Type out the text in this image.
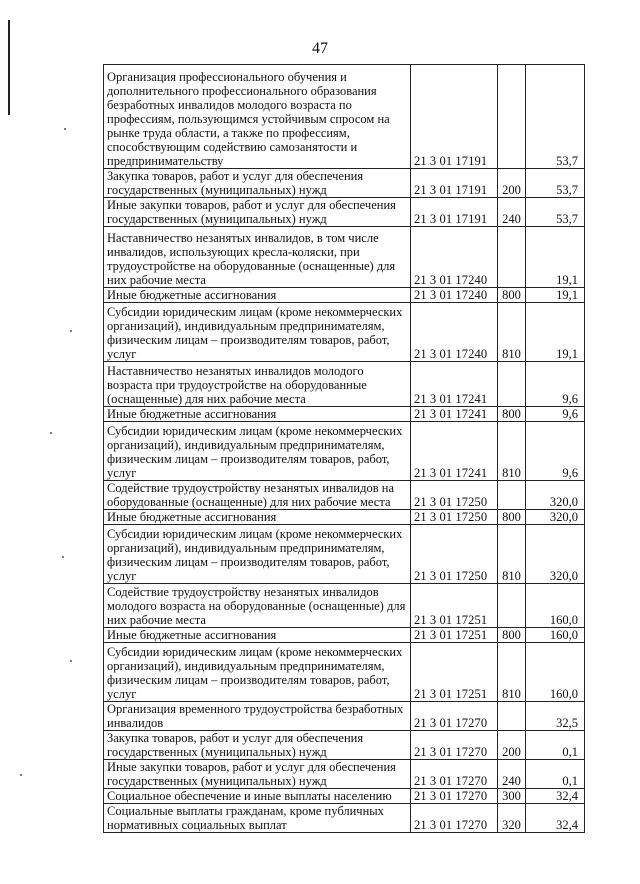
47
Организация профессионального обучения и дополнительного профессионального образования безработных инвалидов молодого возраста по профессиям, пользующимся устойчивым спросом на рынке труда области, а также по профессиям, способствующим содействию самозанятости и предпринимательству	21 3 01 17191		53,7
Закупка товаров, работ и услуг для обеспечения государственных (муниципальных) нужд	21 3 01 17191	200	53,7
Иные закупки товаров, работ и услуг для обеспечения государственных (муниципальных) нужд	21 3 01 17191	240	53,7
Наставничество незанятых инвалидов, в том числе инвалидов, использующих кресла-коляски, при трудоустройстве на оборудованные (оснащенные) для них рабочие места	21 3 01 17240		19,1
Иные бюджетные ассигнования	21 3 01 17240	800	19,1
Субсидии юридическим лицам (кроме некоммерческих организаций), индивидуальным предпринимателям, физическим лицам – производителям товаров, работ, услуг	21 3 01 17240	810	19,1
Наставничество незанятых инвалидов молодого возраста при трудоустройстве на оборудованные (оснащенные) для них рабочие места	21 3 01 17241		9,6
Иные бюджетные ассигнования	21 3 01 17241	800	9,6
Субсидии юридическим лицам (кроме некоммерческих организаций), индивидуальным предпринимателям, физическим лицам – производителям товаров, работ, услуг	21 3 01 17241	810	9,6
Содействие трудоустройству незанятых инвалидов на оборудованные (оснащенные) для них рабочие места	21 3 01 17250		320,0
Иные бюджетные ассигнования	21 3 01 17250	800	320,0
Субсидии юридическим лицам (кроме некоммерческих организаций), индивидуальным предпринимателям, физическим лицам – производителям товаров, работ, услуг	21 3 01 17250	810	320,0
Содействие трудоустройству незанятых инвалидов молодого возраста на оборудованные (оснащенные) для них рабочие места	21 3 01 17251		160,0
Иные бюджетные ассигнования	21 3 01 17251	800	160,0
Субсидии юридическим лицам (кроме некоммерческих организаций), индивидуальным предпринимателям, физическим лицам – производителям товаров, работ, услуг	21 3 01 17251	810	160,0
Организация временного трудоустройства безработных инвалидов	21 3 01 17270		32,5
Закупка товаров, работ и услуг для обеспечения государственных (муниципальных) нужд	21 3 01 17270	200	0,1
Иные закупки товаров, работ и услуг для обеспечения государственных (муниципальных) нужд	21 3 01 17270	240	0,1
Социальное обеспечение и иные выплаты населению	21 3 01 17270	300	32,4
Социальные выплаты гражданам, кроме публичных нормативных социальных выплат	21 3 01 17270	320	32,4
